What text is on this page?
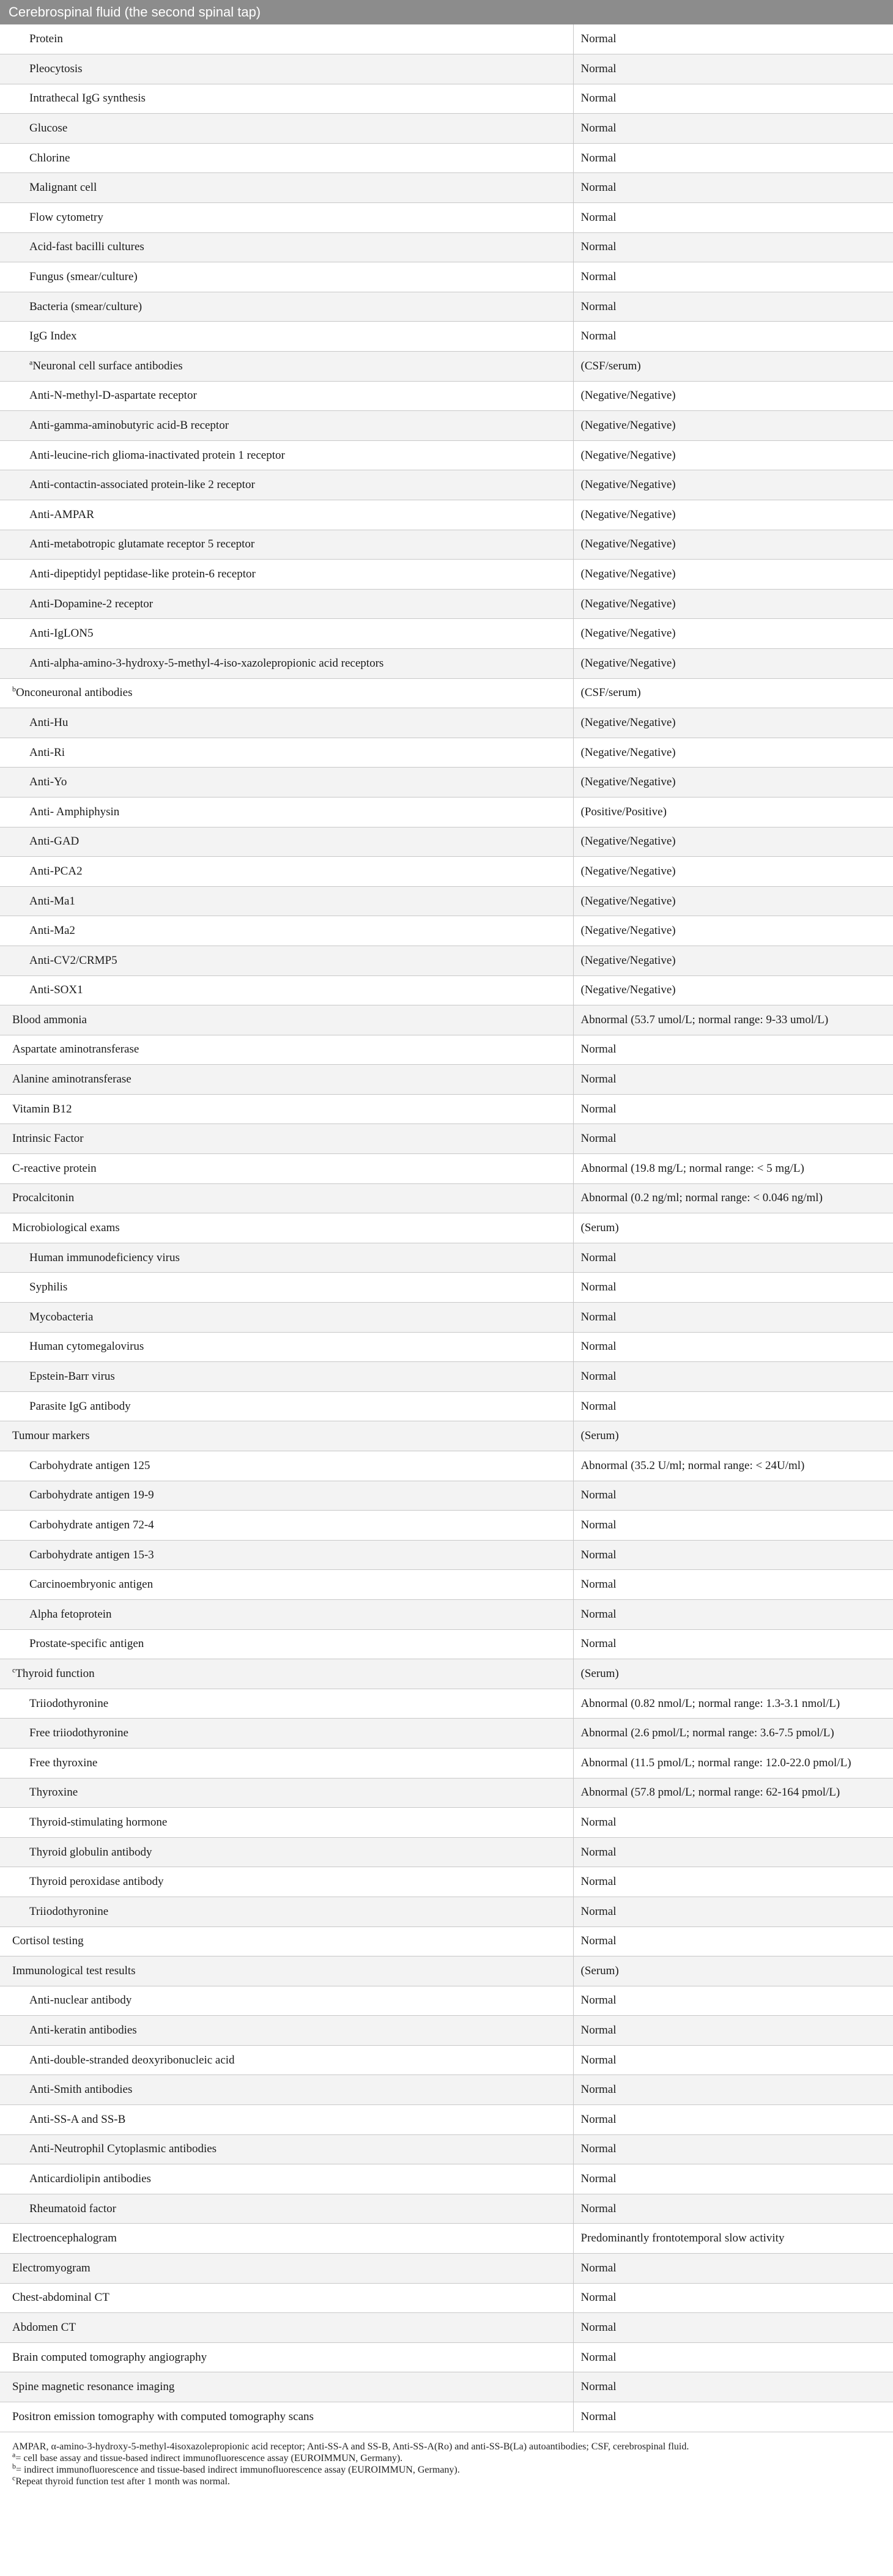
Cerebrospinal fluid (the second spinal tap)
Protein	Normal
Pleocytosis	Normal
Intrathecal IgG synthesis	Normal
Glucose	Normal
Chlorine	Normal
Malignant cell	Normal
Flow cytometry	Normal
Acid-fast bacilli cultures	Normal
Fungus (smear/culture)	Normal
Bacteria (smear/culture)	Normal
IgG Index	Normal
$^a$Neuronal cell surface antibodies	(CSF/serum)
Anti-N-methyl-D-aspartate receptor	(Negative/Negative)
Anti-gamma-aminobutyric acid-B receptor	(Negative/Negative)
Anti-leucine-rich glioma-inactivated protein 1 receptor	(Negative/Negative)
Anti-contactin-associated protein-like 2 receptor	(Negative/Negative)
Anti-AMPAR	(Negative/Negative)
Anti-metabotropic glutamate receptor 5 receptor	(Negative/Negative)
Anti-dipeptidyl peptidase-like protein-6 receptor	(Negative/Negative)
Anti-Dopamine-2 receptor	(Negative/Negative)
Anti-IgLON5	(Negative/Negative)
Anti-alpha-amino-3-hydroxy-5-methyl-4-iso-xazolepropionic acid receptors	(Negative/Negative)
$^b$Onconeuronal antibodies	(CSF/serum)
Anti-Hu	(Negative/Negative)
Anti-Ri	(Negative/Negative)
Anti-Yo	(Negative/Negative)
Anti- Amphiphysin	(Positive/Positive)
Anti-GAD	(Negative/Negative)
Anti-PCA2	(Negative/Negative)
Anti-Ma1	(Negative/Negative)
Anti-Ma2	(Negative/Negative)
Anti-CV2/CRMP5	(Negative/Negative)
Anti-SOX1	(Negative/Negative)
Blood ammonia	Abnormal (53.7 umol/L; normal range: 9-33 umol/L)
Aspartate aminotransferase	Normal
Alanine aminotransferase	Normal
Vitamin B12	Normal
Intrinsic Factor	Normal
C-reactive protein	Abnormal (19.8 mg/L; normal range: < 5 mg/L)
Procalcitonin	Abnormal (0.2 ng/ml; normal range: < 0.046 ng/ml)
Microbiological exams	(Serum)
Human immunodeficiency virus	Normal
Syphilis	Normal
Mycobacteria	Normal
Human cytomegalovirus	Normal
Epstein-Barr virus	Normal
Parasite IgG antibody	Normal
Tumour markers	(Serum)
Carbohydrate antigen 125	Abnormal (35.2 U/ml; normal range: < 24U/ml)
Carbohydrate antigen 19-9	Normal
Carbohydrate antigen 72-4	Normal
Carbohydrate antigen 15-3	Normal
Carcinoembryonic antigen	Normal
Alpha fetoprotein	Normal
Prostate-specific antigen	Normal
$^c$Thyroid function	(Serum)
Triiodothyronine	Abnormal (0.82 nmol/L; normal range: 1.3-3.1 nmol/L)
Free triiodothyronine	Abnormal (2.6 pmol/L; normal range: 3.6-7.5 pmol/L)
Free thyroxine	Abnormal (11.5 pmol/L; normal range: 12.0-22.0 pmol/L)
Thyroxine	Abnormal (57.8 pmol/L; normal range: 62-164 pmol/L)
Thyroid-stimulating hormone	Normal
Thyroid globulin antibody	Normal
Thyroid peroxidase antibody	Normal
Triiodothyronine	Normal
Cortisol testing	Normal
Immunological test results	(Serum)
Anti-nuclear antibody	Normal
Anti-keratin antibodies	Normal
Anti-double-stranded deoxyribonucleic acid	Normal
Anti-Smith antibodies	Normal
Anti-SS-A and SS-B	Normal
Anti-Neutrophil Cytoplasmic antibodies	Normal
Anticardiolipin antibodies	Normal
Rheumatoid factor	Normal
Electroencephalogram	Predominantly frontotemporal slow activity
Electromyogram	Normal
Chest-abdominal CT	Normal
Abdomen CT	Normal
Brain computed tomography angiography	Normal
Spine magnetic resonance imaging	Normal
Positron emission tomography with computed tomography scans	Normal
AMPAR, α-amino-3-hydroxy-5-methyl-4isoxazolepropionic acid receptor; Anti-SS-A and SS-B, Anti-SS-A(Ro) and anti-SS-B(La) autoantibodies; CSF, cerebrospinal fluid.
$^a$= cell base assay and tissue-based indirect immunofluorescence assay (EUROIMMUN, Germany).
$^b$= indirect immunofluorescence and tissue-based indirect immunofluorescence assay (EUROIMMUN, Germany).
$^c$Repeat thyroid function test after 1 month was normal.
